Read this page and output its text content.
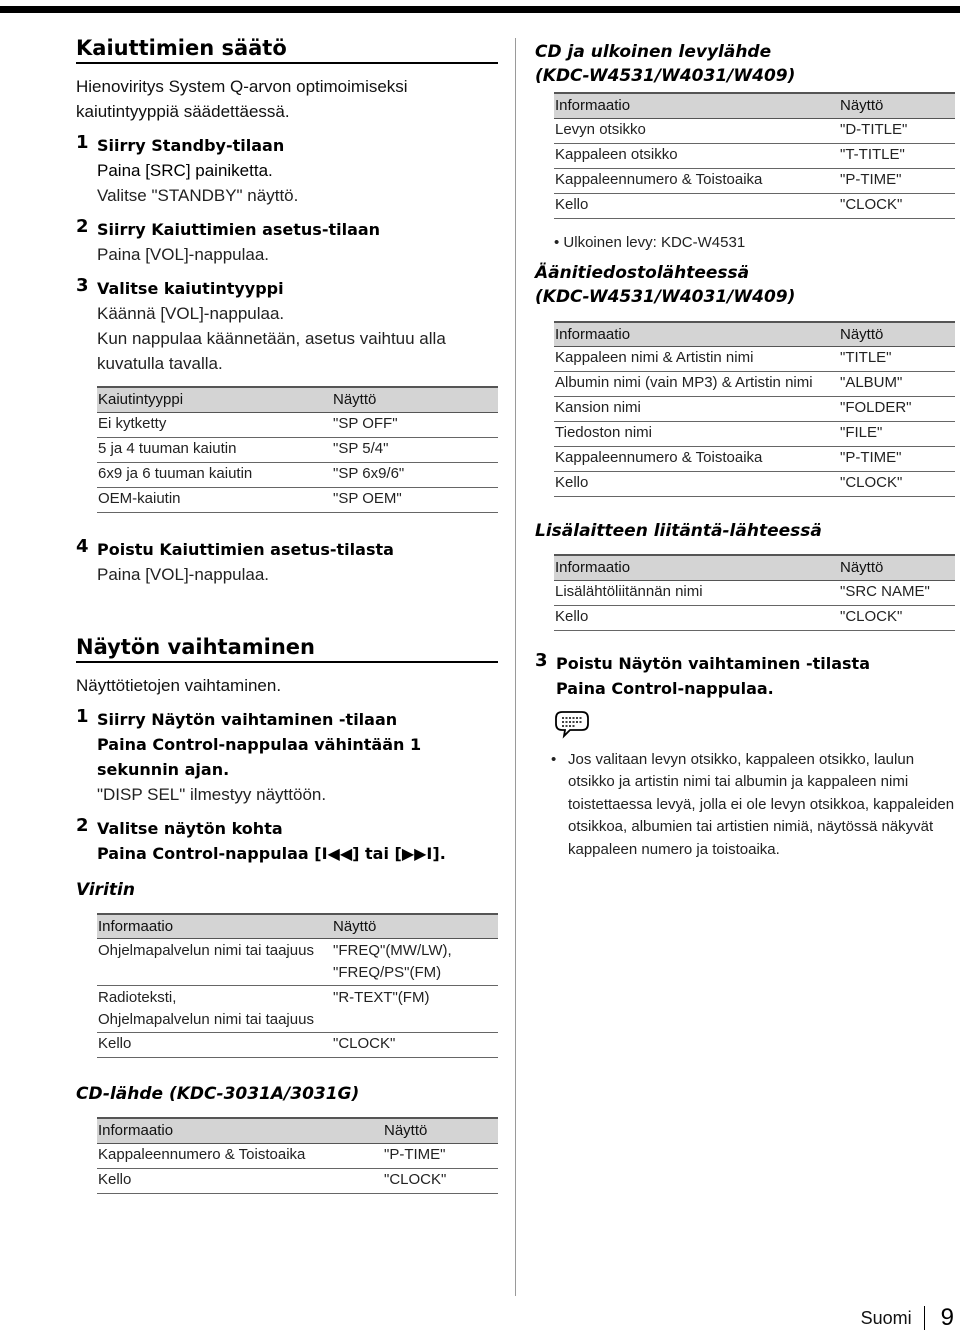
Kaiuttimien säätö

Hienoviritys System Q-arvon optimoimiseksi kaiutintyyppiä säädettäessä.

1 Siirry Standby-tilaan
Paina [SRC] painiketta.
Valitse "STANDBY" näyttö.
2 Siirry Kaiuttimien asetus-tilaan
Paina [VOL]-nappulaa.
3 Valitse kaiutintyyppi
Käännä [VOL]-nappulaa.
Kun nappulaa käännetään, asetus vaihtuu alla kuvatulla tavalla.
Kaiutintyyppi	Näyttö
Ei kytketty	"SP OFF"
5 ja 4 tuuman kaiutin	"SP 5/4"
6x9 ja 6 tuuman kaiutin	"SP 6x9/6"
OEM-kaiutin	"SP OEM"
4 Poistu Kaiuttimien asetus-tilasta
Paina [VOL]-nappulaa.
Näytön vaihtaminen

Näyttötietojen vaihtaminen.

1 Siirry Näytön vaihtaminen -tilaan
Paina Control-nappulaa vähintään 1 sekunnin ajan.
"DISP SEL" ilmestyy näyttöön.
2 Valitse näytön kohta
Paina Control-nappulaa [I◀◀] tai [▶▶I].
Viritin
Informaatio	Näyttö
Ohjelmapalvelun nimi tai taajuus	"FREQ"(MW/LW),
"FREQ/PS"(FM)
Radioteksti,
Ohjelmapalvelun nimi tai taajuus	"R-TEXT"(FM)
Kello	"CLOCK"
CD-lähde (KDC-3031A/3031G)
Informaatio	Näyttö
Kappaleennumero & Toistoaika	"P-TIME"
Kello	"CLOCK"
CD ja ulkoinen levylähde
(KDC-W4531/W4031/W409)
Informaatio	Näyttö
Levyn otsikko	"D-TITLE"
Kappaleen otsikko	"T-TITLE"
Kappaleennumero & Toistoaika	"P-TIME"
Kello	"CLOCK"
• Ulkoinen levy: KDC-W4531
Äänitiedostolähteessä
(KDC-W4531/W4031/W409)
Informaatio	Näyttö
Kappaleen nimi & Artistin nimi	"TITLE"
Albumin nimi (vain MP3) & Artistin nimi	"ALBUM"
Kansion nimi	"FOLDER"
Tiedoston nimi	"FILE"
Kappaleennumero & Toistoaika	"P-TIME"
Kello	"CLOCK"
Lisälaitteen liitäntä-lähteessä
Informaatio	Näyttö
Lisälähtöliitännän nimi	"SRC NAME"
Kello	"CLOCK"
3 Poistu Näytön vaihtaminen -tilasta
Paina Control-nappulaa.
• Jos valitaan levyn otsikko, kappaleen otsikko, laulun otsikko ja artistin nimi tai albumin ja kappaleen nimi toistettaessa levyä, jolla ei ole levyn otsikkoa, kappaleiden otsikkoa, albumien tai artistien nimiä, näytössä näkyvät kappaleen numero ja toistoaika.
Suomi	9
